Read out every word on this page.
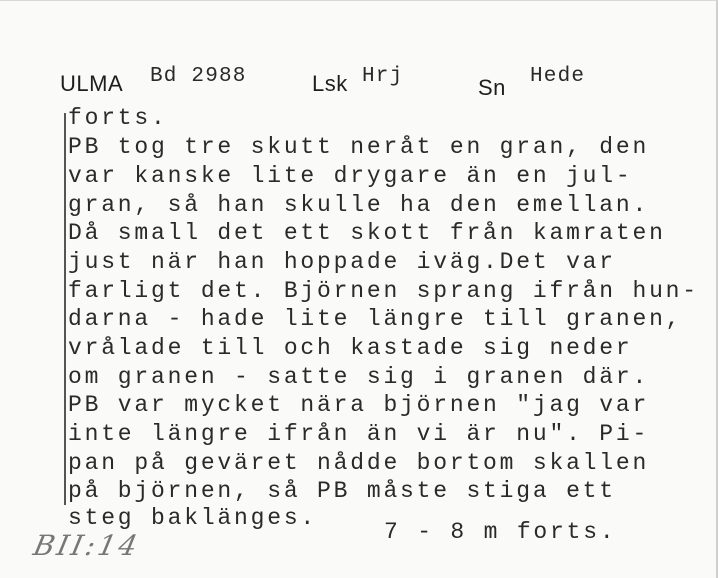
ULMA Bd 2988	Lsk Hrj	Sn Hede
forts.
PB tog tre skutt neråt en gran, den
var kanske lite drygare än en jul-
gran, så han skulle ha den emellan.
Då small det ett skott från kamraten
just när han hoppade iväg.Det var
farligt det. Björnen sprang ifrån hun-
darna - hade lite längre till granen,
vrålade till och kastade sig neder
om granen - satte sig i granen där.
PB var mycket nära björnen "jag var
inte längre ifrån än vi är nu". Pi-
pan på geväret nådde bortom skallen
på björnen, så PB måste stiga ett
steg baklänges.
7 - 8 m forts.
BII:14
